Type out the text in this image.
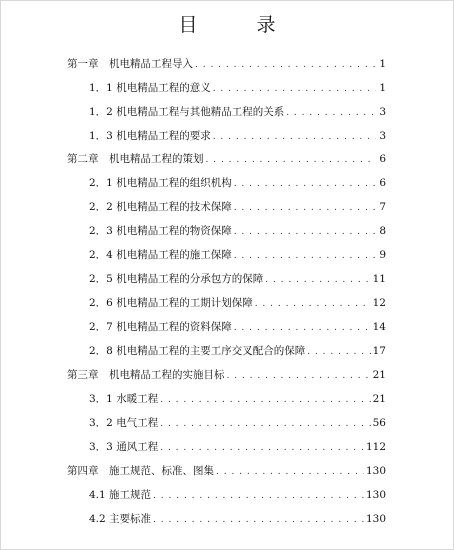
目　录
第一章　机电精品工程导入 . . .	1
1．1 机电精品工程的意义 . . .	1
1．2 机电精品工程与其他精品工程的关系 . . .	3
1．3 机电精品工程的要求 . . .	3
第二章　机电精品工程的策划 . . .	6
2．1 机电精品工程的组织机构 . . .	6
2．2 机电精品工程的技术保障 . . .	7
2．3 机电精品工程的物资保障 . . .	8
2．4 机电精品工程的施工保障 . . .	9
2．5 机电精品工程的分承包方的保障 . . .	11
2．6 机电精品工程的工期计划保障 . . .	12
2．7 机电精品工程的资料保障 . . .	14
2．8 机电精品工程的主要工序交叉配合的保障 . . .	17
第三章　机电精品工程的实施目标 . . .	21
3．1 水暖工程 . . .	21
3．2 电气工程 . . .	56
3．3 通风工程 . . .	112
第四章　施工规范、标准、图集 . . .	130
4.1 施工规范 . . .	130
4.2 主要标准 . . .	130
